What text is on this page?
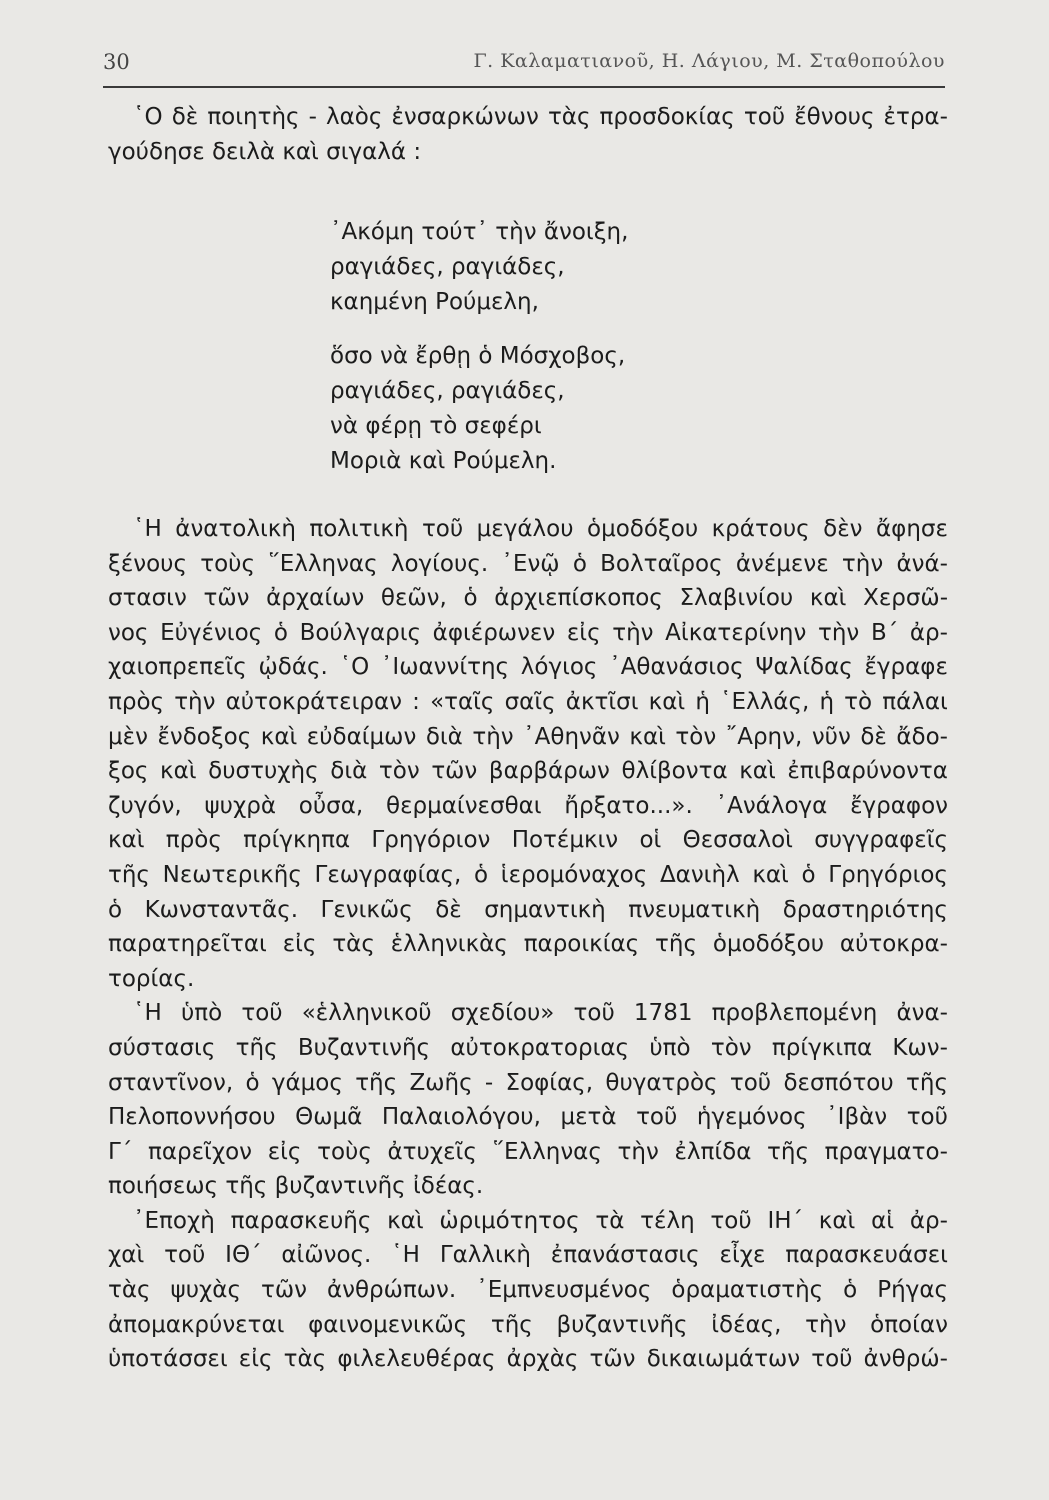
30	Γ. Καλαματιανοῦ, Η. Λάγιου, Μ. Σταθοπούλου
῾Ο δὲ ποιητὴς - λαὸς ἐνσαρκώνων τὰς προσδοκίας τοῦ ἔθνους ἐτρα-
γούδησε δειλὰ καὶ σιγαλά :
᾿Ακόμη τούτ᾿ τὴν ἄνοιξη,
ραγιάδες, ραγιάδες,
καημένη Ρούμελη,
ὅσο νὰ ἔρθῃ ὁ Μόσχοβος,
ραγιάδες, ραγιάδες,
νὰ φέρῃ τὸ σεφέρι
Μοριὰ καὶ Ρούμελη.
῾Η ἀνατολικὴ πολιτικὴ τοῦ μεγάλου ὁμοδόξου κράτους δὲν ἄφησε
ξένους τοὺς ῞Ελληνας λογίους. ᾿Ενῷ ὁ Βολταῖρος ἀνέμενε τὴν ἀνά-
στασιν τῶν ἀρχαίων θεῶν, ὁ ἀρχιεπίσκοπος Σλαβινίου καὶ Χερσῶ-
νος Εὐγένιος ὁ Βούλγαρις ἀφιέρωνεν εἰς τὴν Αἰκατερίνην τὴν Β΄ ἀρ-
χαιοπρεπεῖς ᾠδάς. ῾Ο ᾿Ιωαννίτης λόγιος ᾿Αθανάσιος Ψαλίδας ἔγραφε
πρὸς τὴν αὐτοκράτειραν : «ταῖς σαῖς ἀκτῖσι καὶ ἡ ῾Ελλάς, ἡ τὸ πάλαι
μὲν ἔνδοξος καὶ εὐδαίμων διὰ τὴν ᾿Αθηνᾶν καὶ τὸν ῎Αρην, νῦν δὲ ἄδο-
ξος καὶ δυστυχὴς διὰ τὸν τῶν βαρβάρων θλίβοντα καὶ ἐπιβαρύνοντα
ζυγόν, ψυχρὰ οὖσα, θερμαίνεσθαι ἤρξατο...». ᾿Ανάλογα ἔγραφον
καὶ πρὸς πρίγκηπα Γρηγόριον Ποτέμκιν οἱ Θεσσαλοὶ συγγραφεῖς
τῆς Νεωτερικῆς Γεωγραφίας, ὁ ἱερομόναχος Δανιὴλ καὶ ὁ Γρηγόριος
ὁ Κωνσταντᾶς. Γενικῶς δὲ σημαντικὴ πνευματικὴ δραστηριότης
παρατηρεῖται εἰς τὰς ἑλληνικὰς παροικίας τῆς ὁμοδόξου αὐτοκρα-
τορίας.
῾Η ὑπὸ τοῦ «ἑλληνικοῦ σχεδίου» τοῦ 1781 προβλεπομένη ἀνα-
σύστασις τῆς Βυζαντινῆς αὐτοκρατοριας ὑπὸ τὸν πρίγκιπα Κων-
σταντῖνον, ὁ γάμος τῆς Ζωῆς - Σοφίας, θυγατρὸς τοῦ δεσπότου τῆς
Πελοποννήσου Θωμᾶ Παλαιολόγου, μετὰ τοῦ ἡγεμόνος ᾿Ιβὰν τοῦ
Γ΄ παρεῖχον εἰς τοὺς ἀτυχεῖς ῞Ελληνας τὴν ἐλπίδα τῆς πραγματο-
ποιήσεως τῆς βυζαντινῆς ἰδέας.
᾿Εποχὴ παρασκευῆς καὶ ὡριμότητος τὰ τέλη τοῦ ΙΗ΄ καὶ αἱ ἀρ-
χαὶ τοῦ ΙΘ΄ αἰῶνος. ῾Η Γαλλικὴ ἐπανάστασις εἶχε παρασκευάσει
τὰς ψυχὰς τῶν ἀνθρώπων. ᾿Εμπνευσμένος ὁραματιστὴς ὁ Ρήγας
ἀπομακρύνεται φαινομενικῶς τῆς βυζαντινῆς ἰδέας, τὴν ὁποίαν
ὑποτάσσει εἰς τὰς φιλελευθέρας ἀρχὰς τῶν δικαιωμάτων τοῦ ἀνθρώ-
